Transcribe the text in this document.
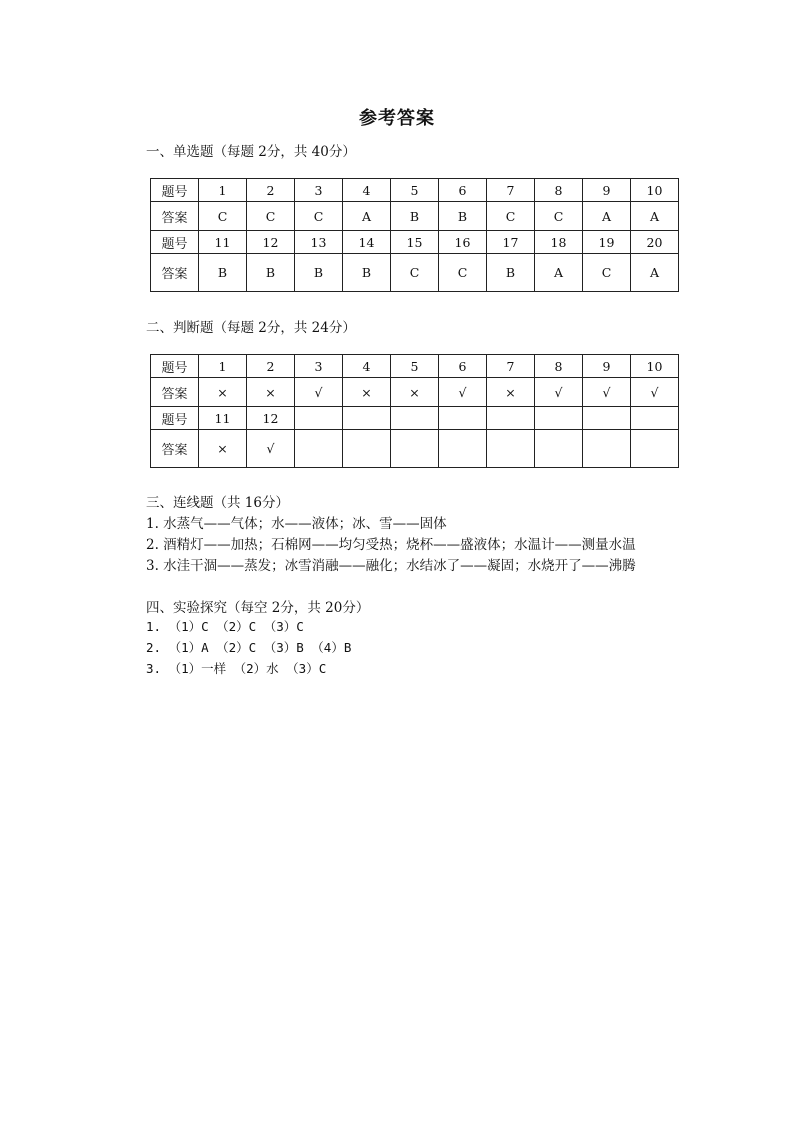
参考答案
一、单选题（每题 2分，共 40分）
题号	1	2	3	4	5	6	7	8	9	10
答案	C	C	C	A	B	B	C	C	A	A
题号	11	12	13	14	15	16	17	18	19	20
答案	B	B	B	B	C	C	B	A	C	A
二、判断题（每题 2分，共 24分）
题号	1	2	3	4	5	6	7	8	9	10
答案	×	×	√	×	×	√	×	√	√	√
题号	11	12								
答案	×	√								
三、连线题（共 16分）
1. 水蒸气——气体；水——液体；冰、雪——固体
2. 酒精灯——加热；石棉网——均匀受热；烧杯——盛液体；水温计——测量水温
3. 水洼干涸——蒸发；冰雪消融——融化；水结冰了——凝固；水烧开了——沸腾
四、实验探究（每空 2分，共 20分）
1. （1）C （2）C （3）C
2. （1）A （2）C （3）B （4）B
3. （1）一样 （2）水 （3）C
